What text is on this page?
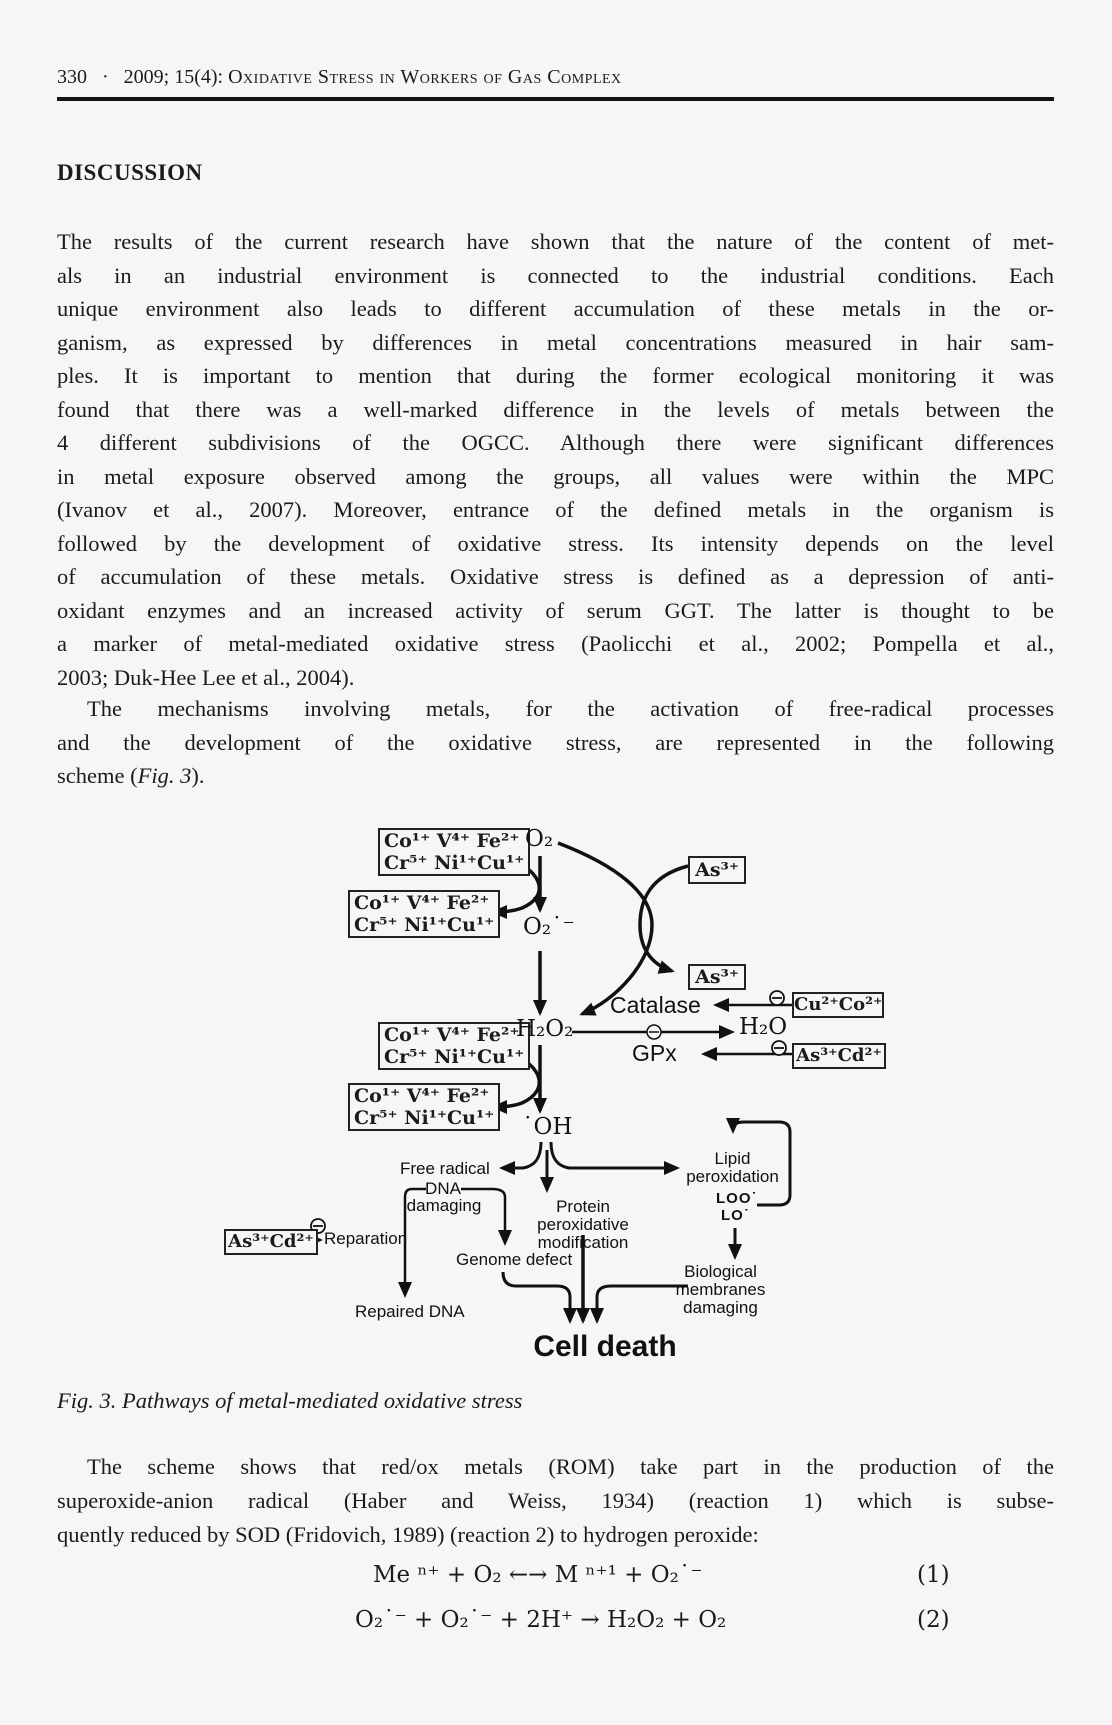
330 · 2009; 15(4): Oxidative Stress in Workers of Gas Complex
DISCUSSION
The results of the current research have shown that the nature of the content of met-
als in an industrial environment is connected to the industrial conditions. Each
unique environment also leads to different accumulation of these metals in the or-
ganism, as expressed by differences in metal concentrations measured in hair sam-
ples. It is important to mention that during the former ecological monitoring it was
found that there was a well-marked difference in the levels of metals between the
4 different subdivisions of the OGCC. Although there were significant differences
in metal exposure observed among the groups, all values were within the MPC
(Ivanov et al., 2007). Moreover, entrance of the defined metals in the organism is
followed by the development of oxidative stress. Its intensity depends on the level
of accumulation of these metals. Oxidative stress is defined as a depression of anti-
oxidant enzymes and an increased activity of serum GGT. The latter is thought to be
a marker of metal-mediated oxidative stress (Paolicchi et al., 2002; Pompella et al.,
2003; Duk-Hee Lee et al., 2004).
The mechanisms involving metals, for the activation of free-radical processes
and the development of the oxidative stress, are represented in the following
scheme (Fig. 3).
Co¹⁺ V⁴⁺ Fe²⁺
Cr⁵⁺ Ni¹⁺Cu¹⁺
Co¹⁺ V⁴⁺ Fe²⁺
Cr⁵⁺ Ni¹⁺Cu¹⁺
Co¹⁺ V⁴⁺ Fe²⁺
Cr⁵⁺ Ni¹⁺Cu¹⁺
Co¹⁺ V⁴⁺ Fe²⁺
Cr⁵⁺ Ni¹⁺Cu¹⁺
O₂
O₂˙⁻
H₂O₂
˙OH
H₂O
As³⁺
As³⁺
Cu²⁺Co²⁺
As³⁺Cd²⁺
As³⁺Cd²⁺
Catalase
GPx
Free radical
DNA
damaging	Protein peroxidative
modification
Reparation
Genome defect
Repaired DNA
Lipid
peroxidation
LOO˙
LO˙
Biological
membranes
damaging
Cell death
Fig. 3. Pathways of metal-mediated oxidative stress
The scheme shows that red/ox metals (ROM) take part in the production of the
superoxide-anion radical (Haber and Weiss, 1934) (reaction 1) which is subse-
quently reduced by SOD (Fridovich, 1989) (reaction 2) to hydrogen peroxide:
Me ⁿ⁺ + O₂ ←→ M ⁿ⁺¹ + O₂˙⁻	(1)
O₂˙⁻ + O₂˙⁻ + 2H⁺ → H₂O₂ + O₂	(2)
